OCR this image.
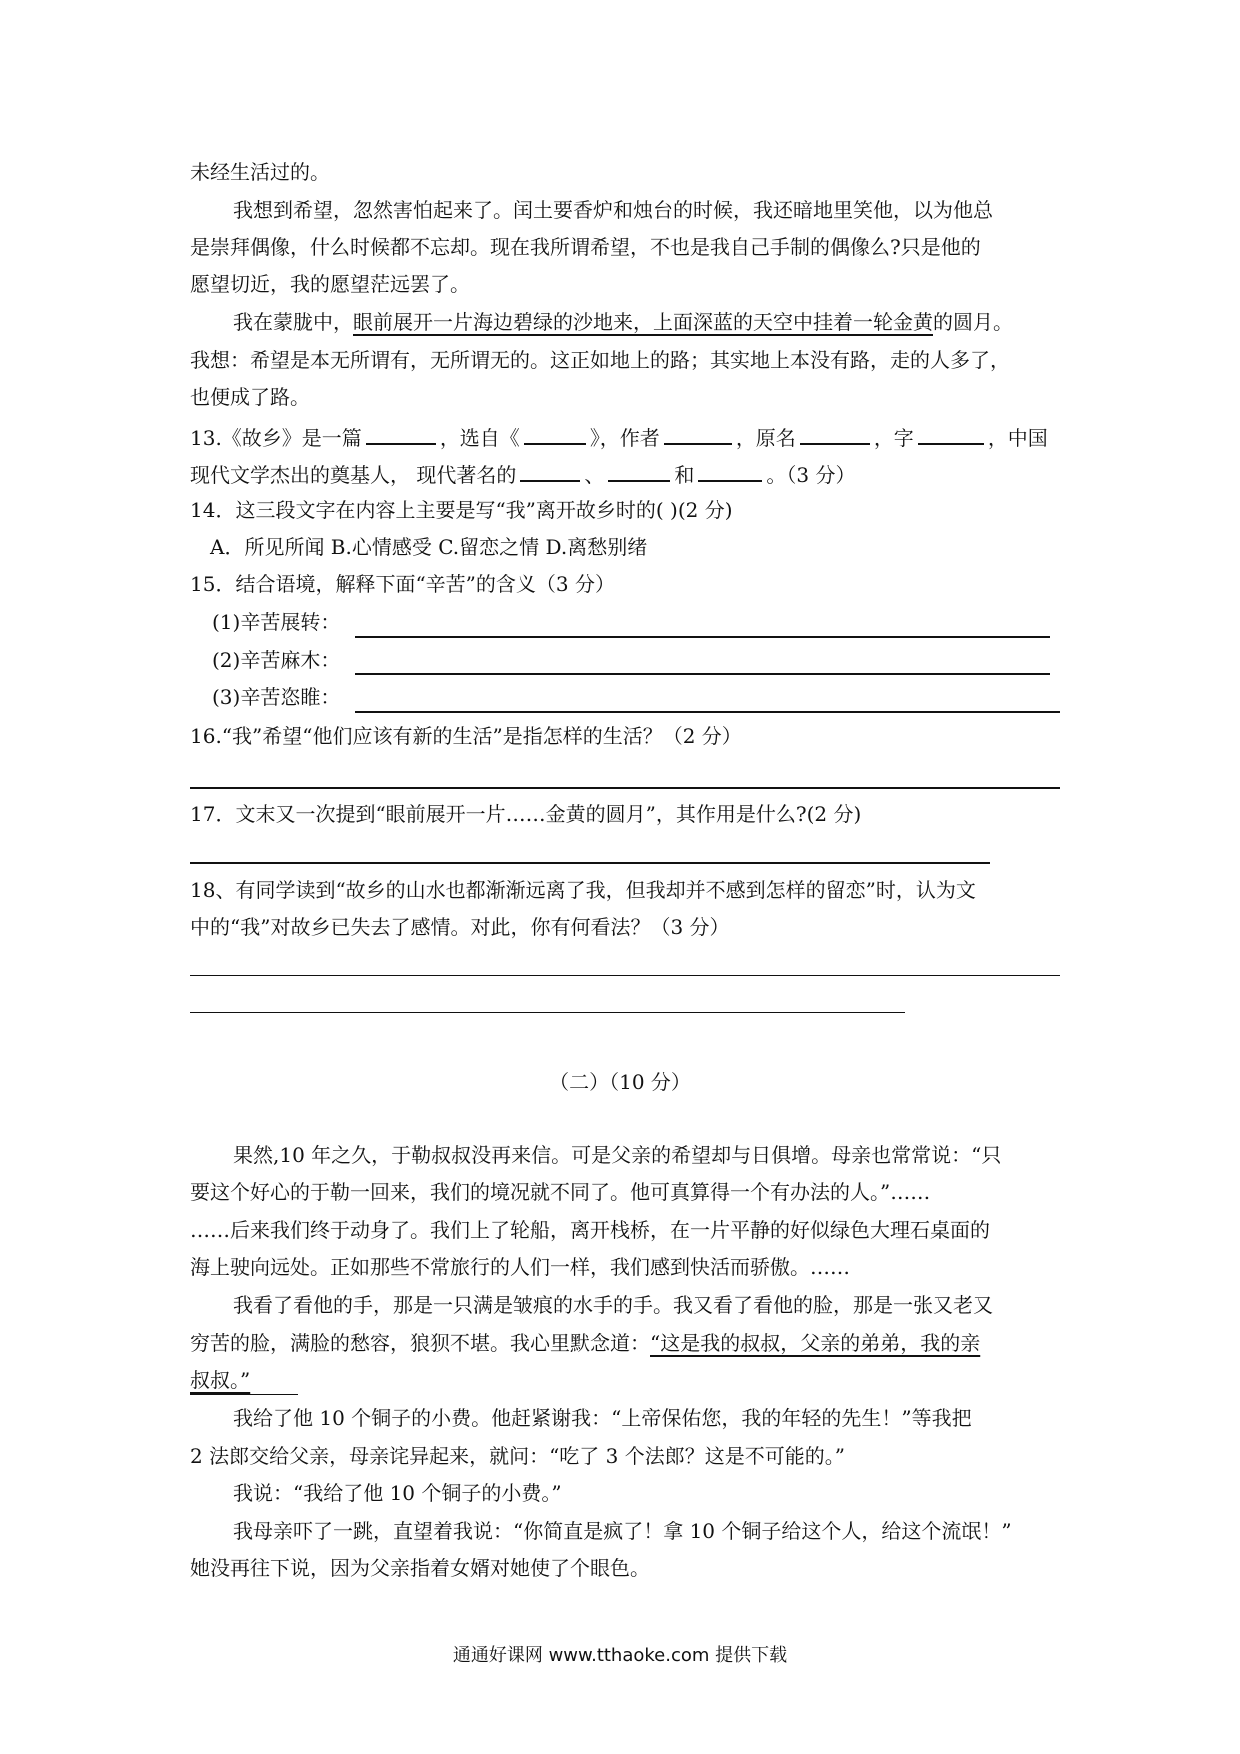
未经生活过的。
我想到希望，忽然害怕起来了。闰土要香炉和烛台的时候，我还暗地里笑他，以为他总
是崇拜偶像，什么时候都不忘却。现在我所谓希望，不也是我自己手制的偶像么?只是他的
愿望切近，我的愿望茫远罢了。
我在蒙胧中，眼前展开一片海边碧绿的沙地来，上面深蓝的天空中挂着一轮金黄的圆月。
我想：希望是本无所谓有，无所谓无的。这正如地上的路；其实地上本没有路，走的人多了，
也便成了路。
13.《故乡》是一篇	，选自《	》，作者	，原名	，字	，中国
现代文学杰出的奠基人， 现代著名的	、	和	。（3 分）
14．这三段文字在内容上主要是写“我”离开故乡时的( )(2 分)
A．所见所闻 B.心情感受 C.留恋之情 D.离愁别绪
15．结合语境，解释下面“辛苦”的含义（3 分）
(1)辛苦展转：
(2)辛苦麻木：
(3)辛苦恣睢：
16.“我”希望“他们应该有新的生活”是指怎样的生活？（2 分）
17．文末又一次提到“眼前展开一片……金黄的圆月”，其作用是什么?(2 分)
18、有同学读到“故乡的山水也都渐渐远离了我，但我却并不感到怎样的留恋”时，认为文
中的“我”对故乡已失去了感情。对此，你有何看法？（3 分）
（二）（10 分）
果然,10 年之久，于勒叔叔没再来信。可是父亲的希望却与日俱增。母亲也常常说：“只
要这个好心的于勒一回来，我们的境况就不同了。他可真算得一个有办法的人。”……
……后来我们终于动身了。我们上了轮船，离开栈桥，在一片平静的好似绿色大理石桌面的
海上驶向远处。正如那些不常旅行的人们一样，我们感到快活而骄傲。……
我看了看他的手，那是一只满是皱痕的水手的手。我又看了看他的脸，那是一张又老又
穷苦的脸，满脸的愁容，狼狈不堪。我心里默念道：“这是我的叔叔，父亲的弟弟，我的亲
叔叔。”
我给了他 10 个铜子的小费。他赶紧谢我：“上帝保佑您，我的年轻的先生！”等我把
2 法郎交给父亲，母亲诧异起来，就问：“吃了 3 个法郎？这是不可能的。”
我说：“我给了他 10 个铜子的小费。”
我母亲吓了一跳，直望着我说：“你简直是疯了！拿 10 个铜子给这个人，给这个流氓！”
她没再往下说，因为父亲指着女婿对她使了个眼色。
通通好课网 www.tthaoke.com 提供下载
